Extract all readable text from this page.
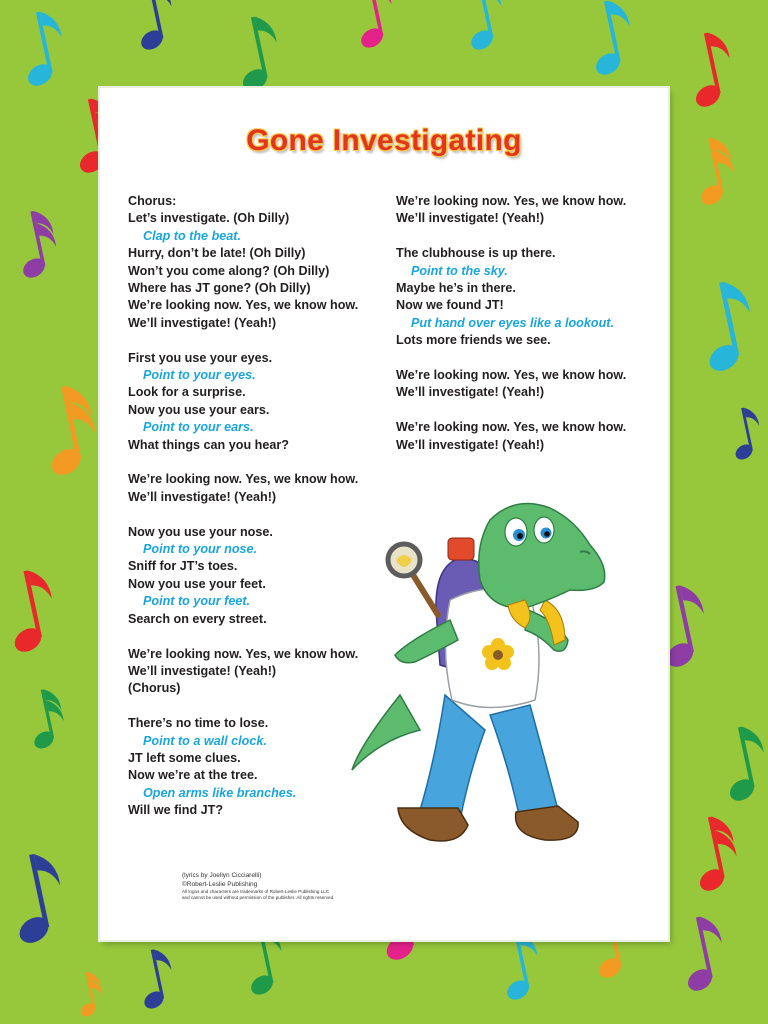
Gone Investigating
Chorus:
Let’s investigate. (Oh Dilly)
Clap to the beat.
Hurry, don’t be late! (Oh Dilly)
Won’t you come along? (Oh Dilly)
Where has JT gone? (Oh Dilly)
We’re looking now. Yes, we know how.
We’ll investigate! (Yeah!)
First you use your eyes.
Point to your eyes.
Look for a surprise.
Now you use your ears.
Point to your ears.
What things can you hear?
We’re looking now. Yes, we know how.
We’ll investigate! (Yeah!)
Now you use your nose.
Point to your nose.
Sniff for JT’s toes.
Now you use your feet.
Point to your feet.
Search on every street.
We’re looking now. Yes, we know how.
We’ll investigate! (Yeah!)
(Chorus)
There’s no time to lose.
Point to a wall clock.
JT left some clues.
Now we’re at the tree.
Open arms like branches.
Will we find JT?
We’re looking now. Yes, we know how.
We’ll investigate! (Yeah!)
The clubhouse is up there.
Point to the sky.
Maybe he’s in there.
Now we found JT!
Put hand over eyes like a lookout.
Lots more friends we see.
We’re looking now. Yes, we know how.
We’ll investigate! (Yeah!)
We’re looking now. Yes, we know how.
We’ll investigate! (Yeah!)
(lyrics by Joellyn Cicciarelli)
©Robert-Leslie Publishing
All logos and characters are trademarks of Robert-Leslie Publishing LLC
and cannot be used without permission of the publisher. All rights reserved.
